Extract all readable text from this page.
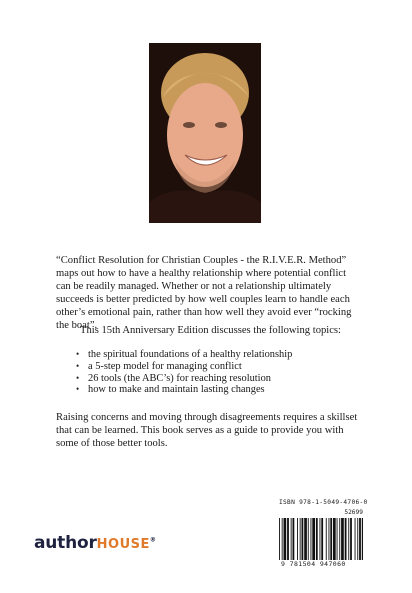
“Conflict Resolution for Christian Couples - the R.I.V.E.R. Method” maps out how to have a healthy relationship where potential conflict can be readily managed. Whether or not a relationship ultimately succeeds is better predicted by how well couples learn to handle each other’s emotional pain, rather than how well they avoid ever “rocking the boat”.
This 15th Anniversary Edition discusses the following topics:
• the spiritual foundations of a healthy relationship
• a 5-step model for managing conflict
• 26 tools (the ABC’s) for reaching resolution
• how to make and maintain lasting changes
Raising concerns and moving through disagreements requires a skillset that can be learned. This book serves as a guide to provide you with some of those better tools.
authorHOUSE®
ISBN 978-1-5049-4706-0
52699
9 781504 947060
